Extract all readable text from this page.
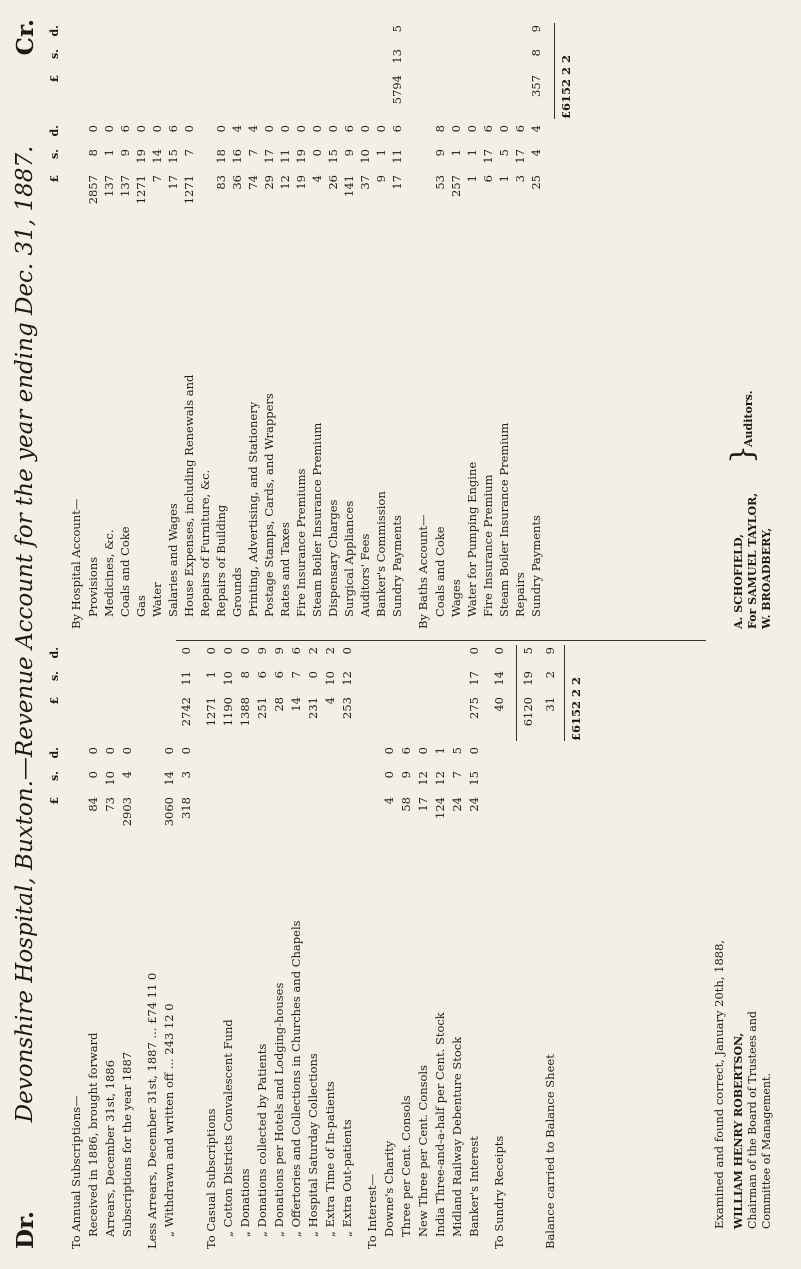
Dr.
Devonshire Hospital, Buxton.—Revenue Account for the year ending Dec. 31, 1887.
Cr.
£
s.
d.
£
s.
d.
To Annual Subscriptions— Received in 1886, brought forward
84
0
0
Arrears, December 31st, 1886
73
10
0
Subscriptions for the year 1887
2903
4
0
Less Arrears, December 31st, 1887 ... £74 11 0 „ Withdrawn and written off ... 243 12 0
3060
14
0
318
3
0
2742
11
0
To Casual Subscriptions
1271
1
0
„ Cotton Districts Convalescent Fund
1190
10
0
„ Donations
1388
8
0
„ Donations collected by Patients
251
6
9
„ Donations per Hotels and Lodging-houses
28
6
9
„ Offertories and Collections in Churches and Chapels
14
7
6
„ Hospital Saturday Collections
231
0
2
„ Extra Time of In-patients
4
10
2
„ Extra Out-patients
253
12
0
To Interest— Downe's Charity
4
0
0
Three per Cent. Consols
58
9
6
New Three per Cent. Consols
17
12
0
India Three-and-a-half per Cent. Stock
124
12
1
Midland Railway Debenture Stock
24
7
5
Banker's Interest
24
15
0
275
17
0
To Sundry Receipts
40
14
0
6120
19
5
Balance carried to Balance Sheet
31
2
9
£6152 2 2
£
s.
d.
£
s.
d.
By Hospital Account— Provisions
2857
8
0
Medicines, &c.
137
1
0
Coals and Coke
137
9
6
Gas
1271
19
0
Water
7
14
0
Salaries and Wages
17
15
6
House Expenses, including Renewals and
1271
7
0
Repairs of Furniture, &c. Repairs of Building
83
18
0
Grounds
36
16
4
Printing, Advertising, and Stationery
74
7
4
Postage Stamps, Cards, and Wrappers
29
17
0
Rates and Taxes
12
11
0
Fire Insurance Premiums
19
19
0
Steam Boiler Insurance Premium
4
0
0
Dispensary Charges
26
15
0
Surgical Appliances
141
9
6
Auditors' Fees
37
10
0
Banker's Commission
9
1
0
Sundry Payments
17
11
6
5794
13
5
By Baths Account— Coals and Coke
53
9
8
Wages
257
1
0
Water for Pumping Engine
1
1
0
Fire Insurance Premium
6
17
6
Steam Boiler Insurance Premium
1
5
0
Repairs
3
17
6
Sundry Payments
25
4
4
357
8
9
£6152 2 2
Examined and found correct, January 20th, 1888, WILLIAM HENRY ROBERTSON, Chairman of the Board of Trustees and Committee of Management.
A. SCHOFIELD, For SAMUEL TAYLOR, W. BROADBERY,
}
Auditors.
